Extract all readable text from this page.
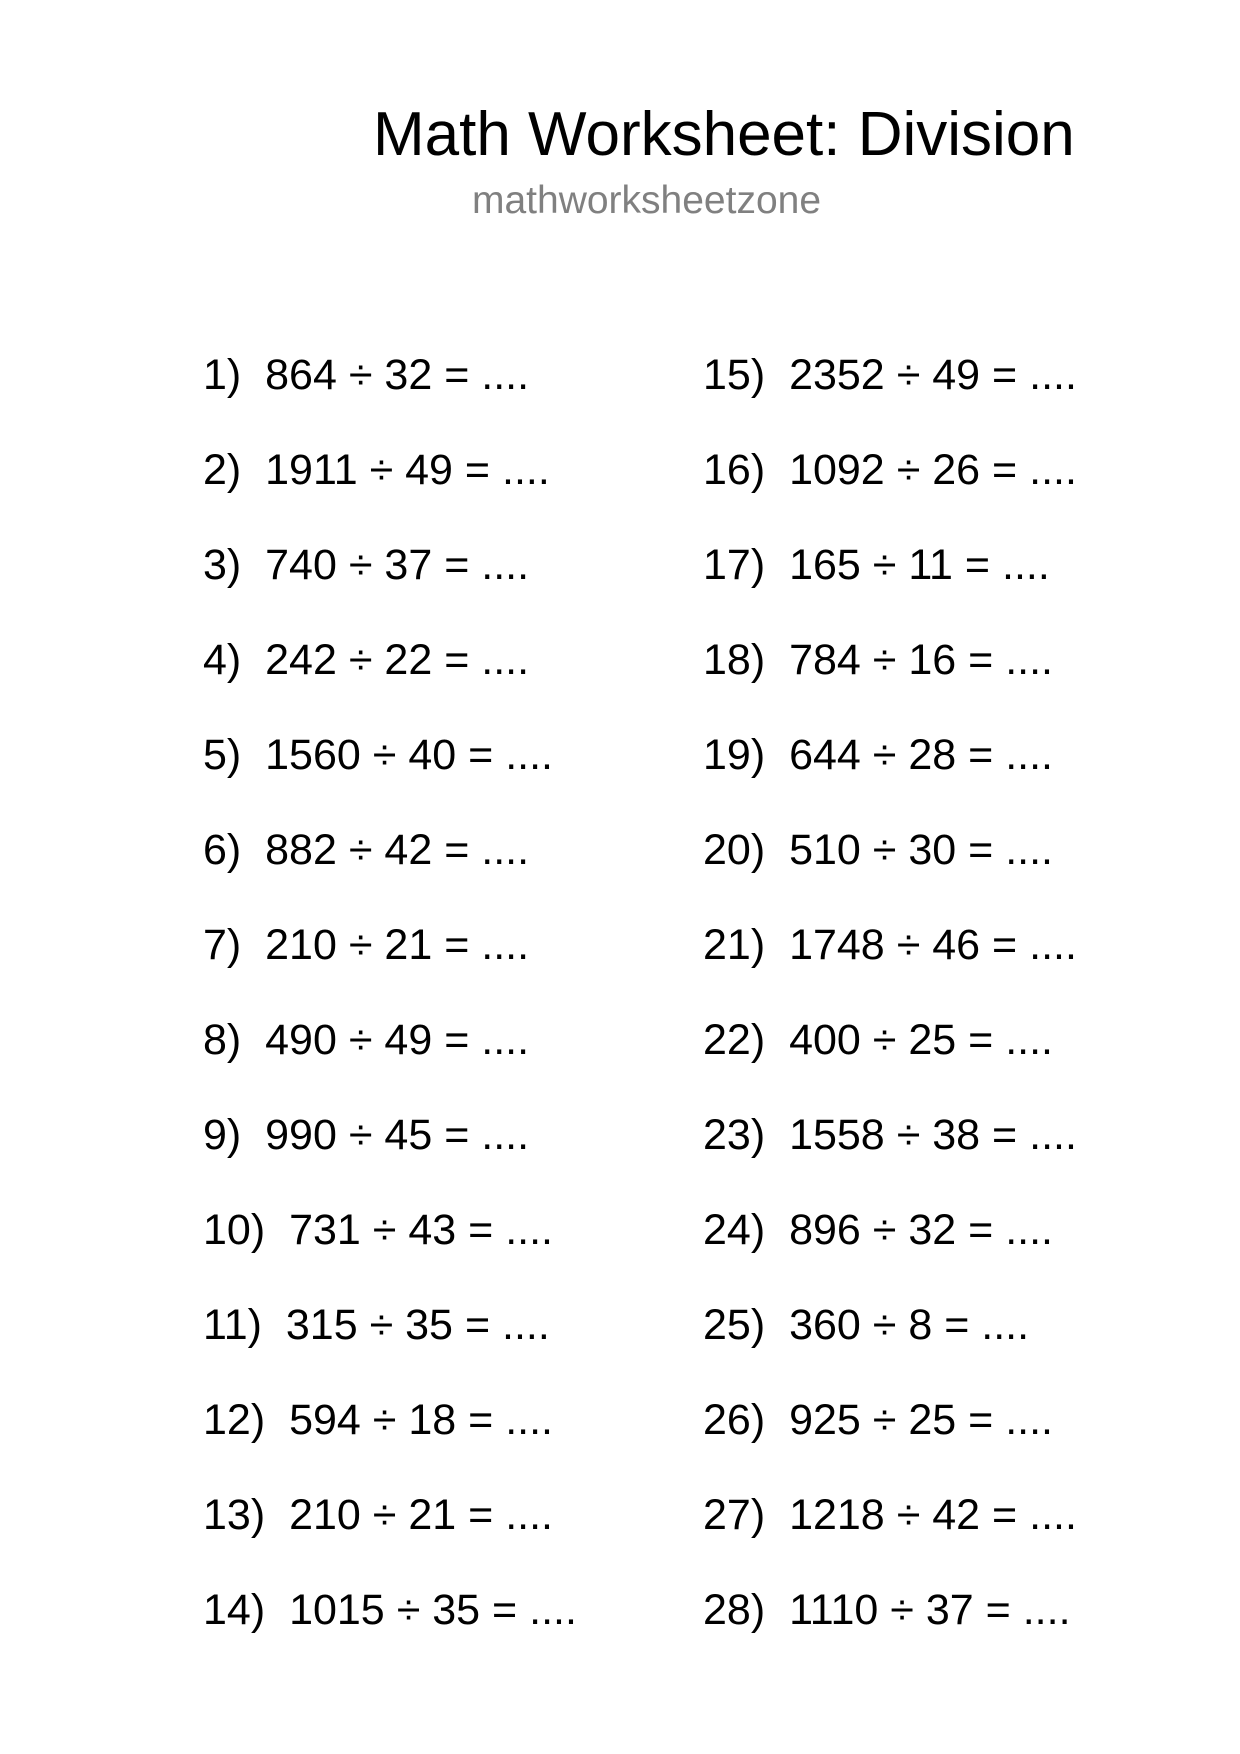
Math Worksheet: Division
mathworksheetzone
1) 864 ÷ 32 = ....
2) 1911 ÷ 49 = ....
3) 740 ÷ 37 = ....
4) 242 ÷ 22 = ....
5) 1560 ÷ 40 = ....
6) 882 ÷ 42 = ....
7) 210 ÷ 21 = ....
8) 490 ÷ 49 = ....
9) 990 ÷ 45 = ....
10) 731 ÷ 43 = ....
11) 315 ÷ 35 = ....
12) 594 ÷ 18 = ....
13) 210 ÷ 21 = ....
14) 1015 ÷ 35 = ....
15) 2352 ÷ 49 = ....
16) 1092 ÷ 26 = ....
17) 165 ÷ 11 = ....
18) 784 ÷ 16 = ....
19) 644 ÷ 28 = ....
20) 510 ÷ 30 = ....
21) 1748 ÷ 46 = ....
22) 400 ÷ 25 = ....
23) 1558 ÷ 38 = ....
24) 896 ÷ 32 = ....
25) 360 ÷ 8 = ....
26) 925 ÷ 25 = ....
27) 1218 ÷ 42 = ....
28) 1110 ÷ 37 = ....
